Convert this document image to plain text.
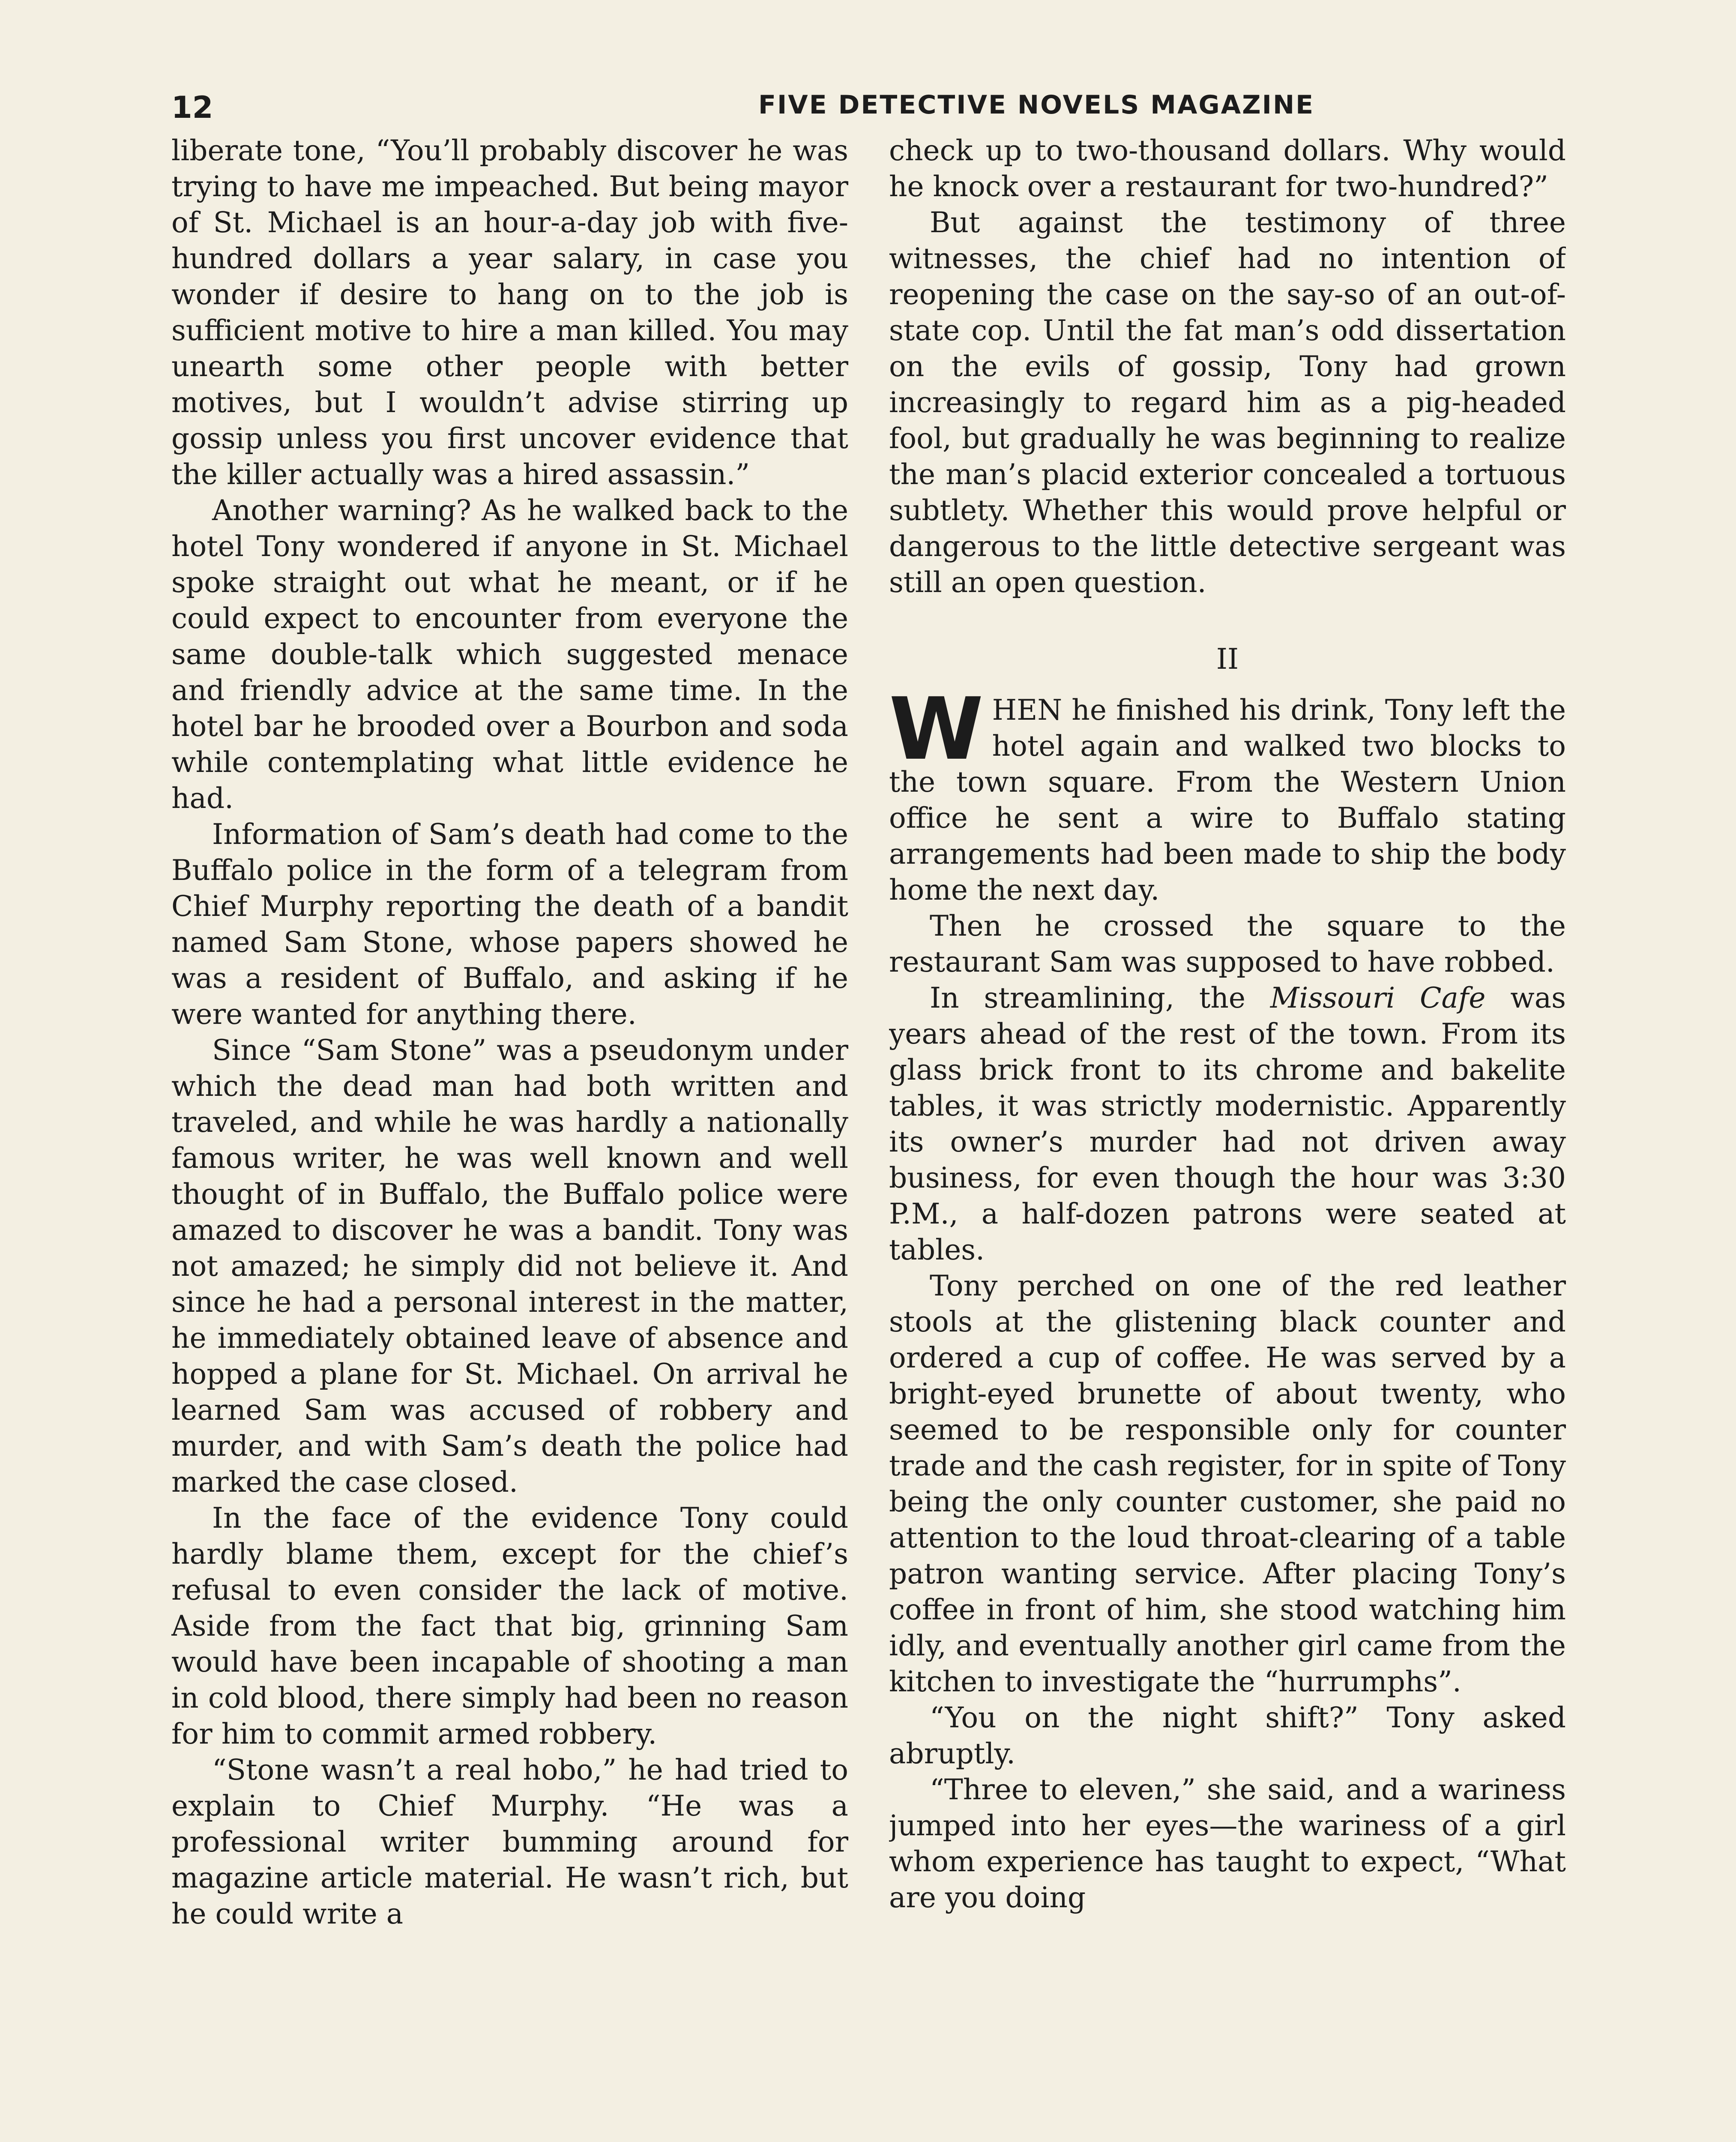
12	FIVE DETECTIVE NOVELS MAGAZINE

liberate tone, “You’ll probably discover he was trying to have me impeached. But being mayor of St. Michael is an hour-a-day job with five-hundred dollars a year salary, in case you wonder if desire to hang on to the job is sufficient motive to hire a man killed. You may unearth some other people with better motives, but I wouldn’t advise stirring up gossip unless you first uncover evidence that the killer actually was a hired assassin.”

Another warning? As he walked back to the hotel Tony wondered if anyone in St. Michael spoke straight out what he meant, or if he could expect to encounter from everyone the same double-talk which suggested menace and friendly advice at the same time. In the hotel bar he brooded over a Bourbon and soda while contemplating what little evidence he had.

Information of Sam’s death had come to the Buffalo police in the form of a telegram from Chief Murphy reporting the death of a bandit named Sam Stone, whose papers showed he was a resident of Buffalo, and asking if he were wanted for anything there.

Since “Sam Stone” was a pseudonym under which the dead man had both written and traveled, and while he was hardly a nationally famous writer, he was well known and well thought of in Buffalo, the Buffalo police were amazed to discover he was a bandit. Tony was not amazed; he simply did not believe it. And since he had a personal interest in the matter, he immediately obtained leave of absence and hopped a plane for St. Michael. On arrival he learned Sam was accused of robbery and murder, and with Sam’s death the police had marked the case closed.

In the face of the evidence Tony could hardly blame them, except for the chief’s refusal to even consider the lack of motive. Aside from the fact that big, grinning Sam would have been incapable of shooting a man in cold blood, there simply had been no reason for him to commit armed robbery.

“Stone wasn’t a real hobo,” he had tried to explain to Chief Murphy. “He was a professional writer bumming around for magazine article material. He wasn’t rich, but he could write a

check up to two-thousand dollars. Why would he knock over a restaurant for two-hundred?”

But against the testimony of three witnesses, the chief had no intention of reopening the case on the say-so of an out-of-state cop. Until the fat man’s odd dissertation on the evils of gossip, Tony had grown increasingly to regard him as a pig-headed fool, but gradually he was beginning to realize the man’s placid exterior concealed a tortuous subtlety. Whether this would prove helpful or dangerous to the little detective sergeant was still an open question.

II
W HEN he finished his drink, Tony left the hotel again and walked two blocks to the town square. From the Western Union office he sent a wire to Buffalo stating arrangements had been made to ship the body home the next day.

Then he crossed the square to the restaurant Sam was supposed to have robbed.

In streamlining, the Missouri Cafe was years ahead of the rest of the town. From its glass brick front to its chrome and bakelite tables, it was strictly modernistic. Apparently its owner’s murder had not driven away business, for even though the hour was 3:30 P.M., a half-dozen patrons were seated at tables.

Tony perched on one of the red leather stools at the glistening black counter and ordered a cup of coffee. He was served by a bright-eyed brunette of about twenty, who seemed to be responsible only for counter trade and the cash register, for in spite of Tony being the only counter customer, she paid no attention to the loud throat-clearing of a table patron wanting service. After placing Tony’s coffee in front of him, she stood watching him idly, and eventually another girl came from the kitchen to investigate the “hurrumphs”.

“You on the night shift?” Tony asked abruptly.

“Three to eleven,” she said, and a wariness jumped into her eyes—the wariness of a girl whom experience has taught to expect, “What are you doing
